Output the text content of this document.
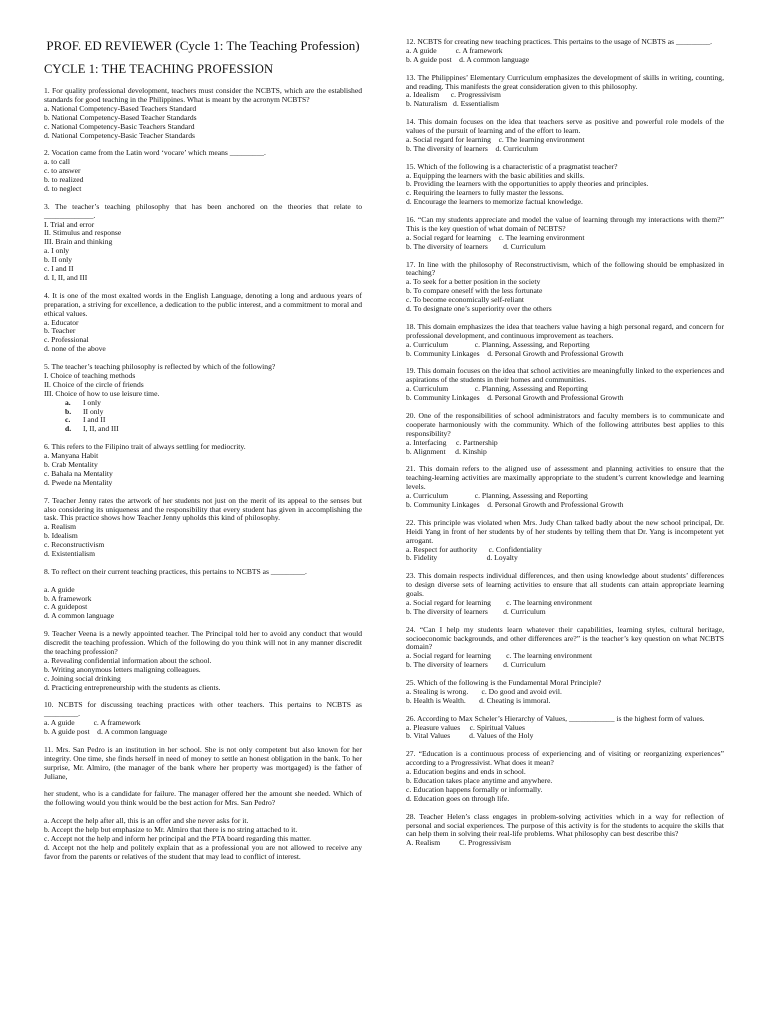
PROF. ED REVIEWER (Cycle 1: The Teaching Profession)
CYCLE 1: THE TEACHING PROFESSION
1. For quality professional development, teachers must consider the NCBTS, which are the established standards for good teaching in the Philippines. What is meant by the acronym NCBTS?
a. National Competency-Based Teachers Standard
b. National Competency-Based Teacher Standards
c. National Competency-Basic Teachers Standard
d. National Competency-Basic Teacher Standards
2. Vocation came from the Latin word ‘vocare’ which means _________.
a. to call
c. to answer
b. to realized
d. to neglect
3. The teacher’s teaching philosophy that has been anchored on the theories that relate to _____________.
I. Trial and error
II. Stimulus and response
III. Brain and thinking
a. I only
b. II only
c. I and II
d. I, II, and III
4. It is one of the most exalted words in the English Language, denoting a long and arduous years of preparation, a striving for excellence, a dedication to the public interest, and a commitment to moral and ethical values.
a. Educator
b. Teacher
c. Professional
d. none of the above
5. The teacher’s teaching philosophy is reflected by which of the following?
I. Choice of teaching methods
II. Choice of the circle of friends
III. Choice of how to use leisure time.
a. I only
b. II only
c. I and II
d. I, II, and III
6. This refers to the Filipino trait of always settling for mediocrity.
a. Manyana Habit
b. Crab Mentality
c. Bahala na Mentality
d. Pwede na Mentality
7. Teacher Jenny rates the artwork of her students not just on the merit of its appeal to the senses but also considering its uniqueness and the responsibility that every student has given in accomplishing the task. This practice shows how Teacher Jenny upholds this kind of philosophy.
a. Realism
b. Idealism
c. Reconstructivism
d. Existentialism
8. To reflect on their current teaching practices, this pertains to NCBTS as _________.
a. A guide
b. A framework
c. A guidepost
d. A common language
9. Teacher Veena is a newly appointed teacher. The Principal told her to avoid any conduct that would discredit the teaching profession. Which of the following do you think will not in any manner discredit the teaching profession?
a. Revealing confidential information about the school.
b. Writing anonymous letters maligning colleagues.
c. Joining social drinking
d. Practicing entrepreneurship with the students as clients.
10. NCBTS for discussing teaching practices with other teachers. This pertains to NCBTS as _________.
a. A guide          c. A framework
b. A guide post    d. A common language
11. Mrs. San Pedro is an institution in her school. She is not only competent but also known for her integrity. One time, she finds herself in need of money to settle an honest obligation in the bank. To her surprise, Mr. Almiro, (the manager of the bank where her property was mortgaged) is the father of Juliane,
her student, who is a candidate for failure. The manager offered her the amount she needed. Which of the following would you think would be the best action for Mrs. San Pedro?
a. Accept the help after all, this is an offer and she never asks for it.
b. Accept the help but emphasize to Mr. Almiro that there is no string attached to it.
c. Accept not the help and inform her principal and the PTA board regarding this matter.
d. Accept not the help and politely explain that as a professional you are not allowed to receive any favor from the parents or relatives of the student that may lead to conflict of interest.
12. NCBTS for creating new teaching practices. This pertains to the usage of NCBTS as _________.
a. A guide          c. A framework
b. A guide post    d. A common language
13. The Philippines’ Elementary Curriculum emphasizes the development of skills in writing, counting, and reading. This manifests the great consideration given to this philosophy.
a. Idealism      c. Progressivism
b. Naturalism   d. Essentialism
14. This domain focuses on the idea that teachers serve as positive and powerful role models of the values of the pursuit of learning and of the effort to learn.
a. Social regard for learning    c. The learning environment
b. The diversity of learners    d. Curriculum
15. Which of the following is a characteristic of a pragmatist teacher?
a. Equipping the learners with the basic abilities and skills.
b. Providing the learners with the opportunities to apply theories and principles.
c. Requiring the learners to fully master the lessons.
d. Encourage the learners to memorize factual knowledge.
16. “Can my students appreciate and model the value of learning through my interactions with them?” This is the key question of what domain of NCBTS?
a. Social regard for learning    c. The learning environment
b. The diversity of learners        d. Curriculum
17. In line with the philosophy of Reconstructivism, which of the following should be emphasized in teaching?
a. To seek for a better position in the society
b. To compare oneself with the less fortunate
c. To become economically self-reliant
d. To designate one’s superiority over the others
18. This domain emphasizes the idea that teachers value having a high personal regard, and concern for professional development, and continuous improvement as teachers.
a. Curriculum              c. Planning, Assessing, and Reporting
b. Community Linkages    d. Personal Growth and Professional Growth
19. This domain focuses on the idea that school activities are meaningfully linked to the experiences and aspirations of the students in their homes and communities.
a. Curriculum              c. Planning, Assessing and Reporting
b. Community Linkages    d. Personal Growth and Professional Growth
20. One of the responsibilities of school administrators and faculty members is to communicate and cooperate harmoniously with the community. Which of the following attributes best applies to this responsibility?
a. Interfacing     c. Partnership
b. Alignment     d. Kinship
21. This domain refers to the aligned use of assessment and planning activities to ensure that the teaching-learning activities are maximally appropriate to the student’s current knowledge and learning levels.
a. Curriculum              c. Planning, Assessing and Reporting
b. Community Linkages    d. Personal Growth and Professional Growth
22. This principle was violated when Mrs. Judy Chan talked badly about the new school principal, Dr. Heidi Yang in front of her students by of her students by telling them that Dr. Yang is incompetent yet arrogant.
a. Respect for authority      c. Confidentiality
b. Fidelity                          d. Loyalty
23. This domain respects individual differences, and then using knowledge about students’ differences to design diverse sets of learning activities to ensure that all students can attain appropriate learning goals.
a. Social regard for learning        c. The learning environment
b. The diversity of learners        d. Curriculum
24. “Can I help my students learn whatever their capabilities, learning styles, cultural heritage, socioeconomic backgrounds, and other differences are?” is the teacher’s key question on what NCBTS domain?
a. Social regard for learning        c. The learning environment
b. The diversity of learners        d. Curriculum
25. Which of the following is the Fundamental Moral Principle?
a. Stealing is wrong.       c. Do good and avoid evil.
b. Health is Wealth.       d. Cheating is immoral.
26. According to Max Scheler’s Hierarchy of Values, ____________ is the highest form of values.
a. Pleasure values     c. Spiritual Values
b. Vital Values          d. Values of the Holy
27. “Education is a continuous process of experiencing and of visiting or reorganizing experiences” according to a Progressivist. What does it mean?
a. Education begins and ends in school.
b. Education takes place anytime and anywhere.
c. Education happens formally or informally.
d. Education goes on through life.
28. Teacher Helen’s class engages in problem-solving activities which in a way for reflection of personal and social experiences. The purpose of this activity is for the students to acquire the skills that can help them in solving their real-life problems. What philosophy can best describe this?
A. Realism          C. Progressivism
